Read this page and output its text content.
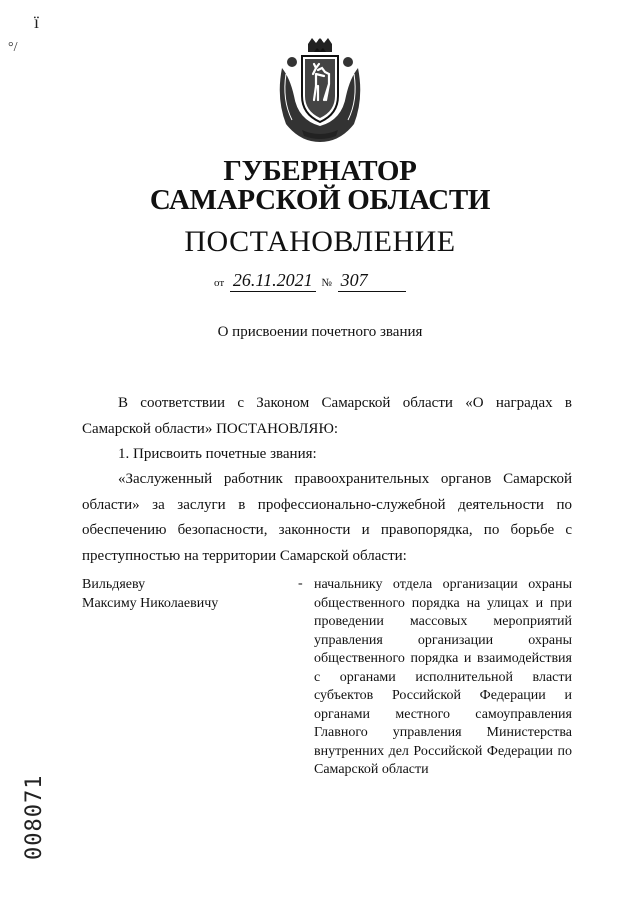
ï
°/
ГУБЕРНАТОР
САМАРСКОЙ ОБЛАСТИ
ПОСТАНОВЛЕНИЕ
от 26.11.2021 № 307
О присвоении почетного звания
В соответствии с Законом Самарской области «О наградах в Самарской области» ПОСТАНОВЛЯЮ:
1. Присвоить почетные звания:
«Заслуженный работник правоохранительных органов Самарской области» за заслуги в профессионально-служебной деятельности по обеспечению безопасности, законности и правопорядка, по борьбе с преступностью на территории Самарской области:
Вильдяеву
Максиму Николаевичу
- начальнику отдела организации охраны общественного порядка на улицах и при проведении массовых мероприятий управления организации охраны общественного порядка и взаимодействия с органами исполнительной власти субъектов Российской Федерации и органами местного самоуправления Главного управления Министерства внутренних дел Российской Федерации по Самарской области
008071
